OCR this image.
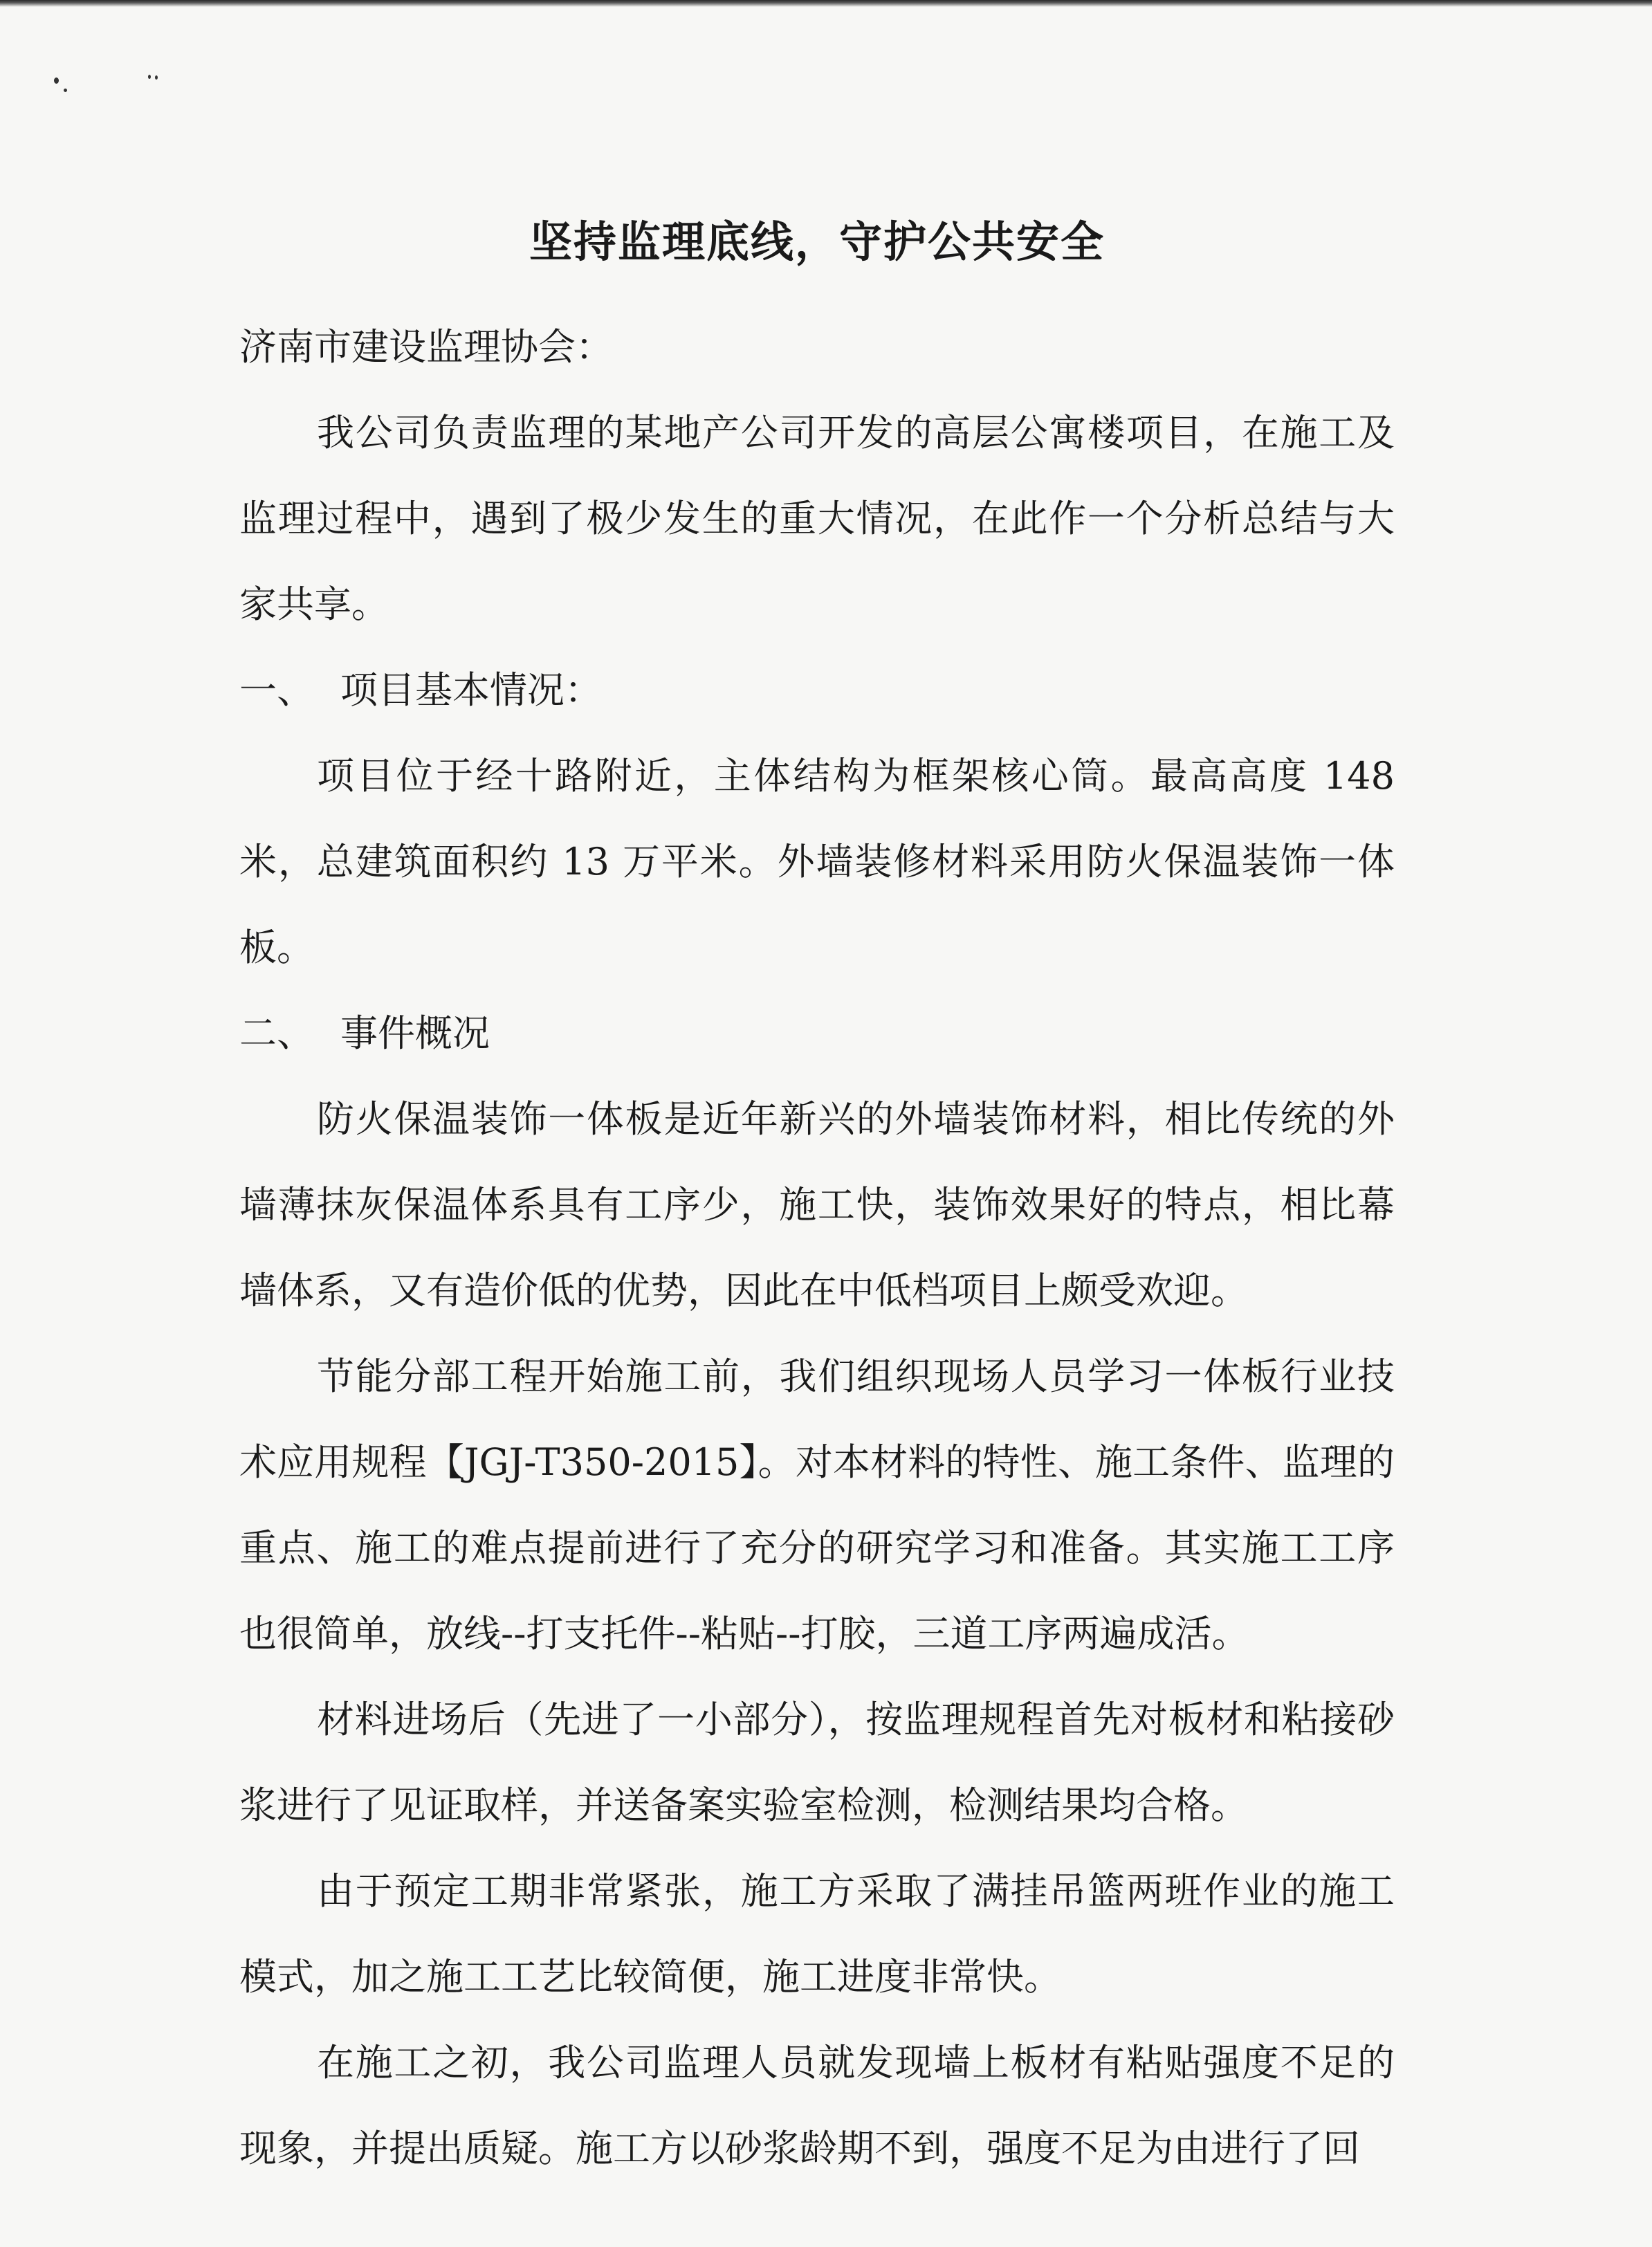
坚持监理底线，守护公共安全

济南市建设监理协会：

我公司负责监理的某地产公司开发的高层公寓楼项目，在施工及监理过程中，遇到了极少发生的重大情况，在此作一个分析总结与大家共享。

一、 项目基本情况：

项目位于经十路附近，主体结构为框架核心筒。最高高度 148 米，总建筑面积约 13 万平米。外墙装修材料采用防火保温装饰一体板。

二、 事件概况

防火保温装饰一体板是近年新兴的外墙装饰材料，相比传统的外墙薄抹灰保温体系具有工序少，施工快，装饰效果好的特点，相比幕墙体系，又有造价低的优势，因此在中低档项目上颇受欢迎。

节能分部工程开始施工前，我们组织现场人员学习一体板行业技术应用规程【JGJ-T350-2015】。对本材料的特性、施工条件、监理的重点、施工的难点提前进行了充分的研究学习和准备。其实施工工序也很简单，放线--打支托件--粘贴--打胶，三道工序两遍成活。

材料进场后（先进了一小部分），按监理规程首先对板材和粘接砂浆进行了见证取样，并送备案实验室检测，检测结果均合格。

由于预定工期非常紧张，施工方采取了满挂吊篮两班作业的施工模式，加之施工工艺比较简便，施工进度非常快。

在施工之初，我公司监理人员就发现墙上板材有粘贴强度不足的现象，并提出质疑。施工方以砂浆龄期不到，强度不足为由进行了回
